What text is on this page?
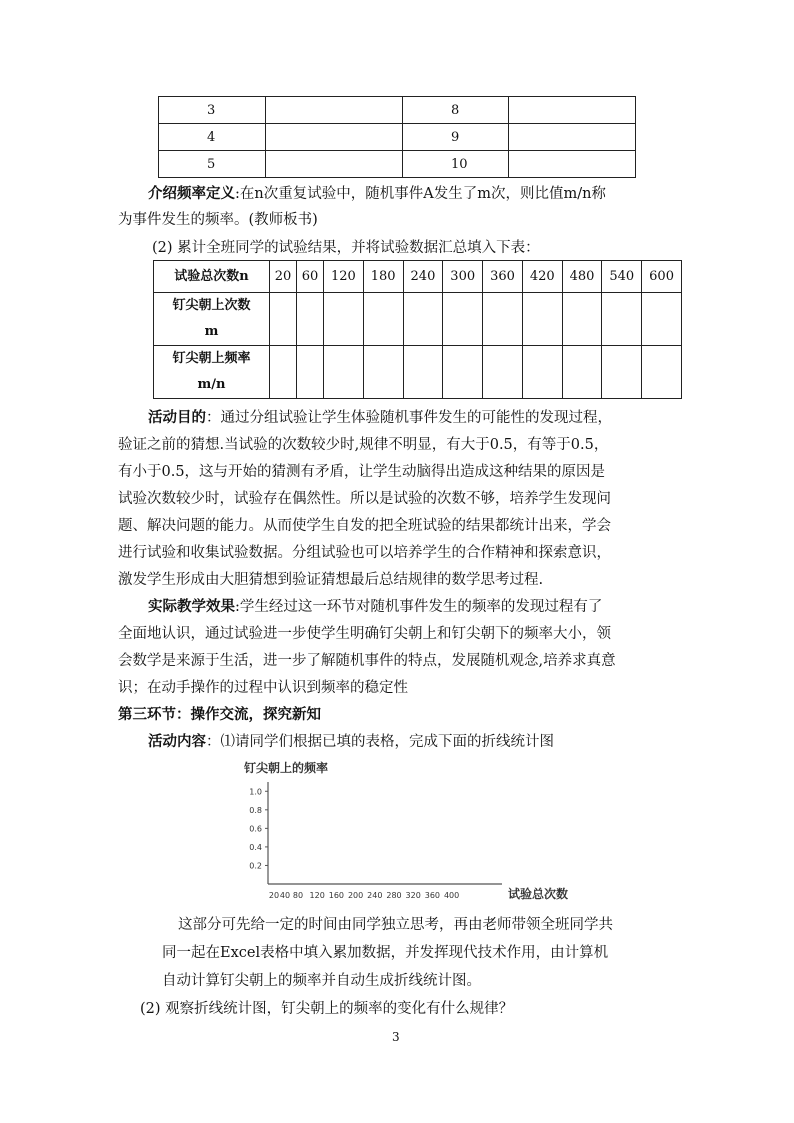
3		8	
4		9	
5		10	
介绍频率定义:在n次重复试验中，随机事件A发生了m次，则比值m/n称
为事件发生的频率。(教师板书)
(2) 累计全班同学的试验结果，并将试验数据汇总填入下表：
试验总次数n	20	60	120	180	240	300	360	420	480	540	600

钉尖朝上次数
m											

钉尖朝上频率
m/n											

活动目的：通过分组试验让学生体验随机事件发生的可能性的发现过程，
验证之前的猜想.当试验的次数较少时,规律不明显，有大于0.5，有等于0.5，
有小于0.5，这与开始的猜测有矛盾，让学生动脑得出造成这种结果的原因是
试验次数较少时，试验存在偶然性。所以是试验的次数不够，培养学生发现问
题、解决问题的能力。从而使学生自发的把全班试验的结果都统计出来，学会
进行试验和收集试验数据。分组试验也可以培养学生的合作精神和探索意识，
激发学生形成由大胆猜想到验证猜想最后总结规律的数学思考过程.
实际教学效果:学生经过这一环节对随机事件发生的频率的发现过程有了
全面地认识，通过试验进一步使学生明确钉尖朝上和钉尖朝下的频率大小，领
会数学是来源于生活，进一步了解随机事件的特点，发展随机观念,培养求真意
识；在动手操作的过程中认识到频率的稳定性
第三环节：操作交流，探究新知
活动内容：⑴请同学们根据已填的表格，完成下面的折线统计图
钉尖朝上的频率
试验总次数
0.2
0.4
0.6
0.8
1.0
20 40 80 120 160 200 240 280 320 360 400
这部分可先给一定的时间由同学独立思考，再由老师带领全班同学共
同一起在Excel表格中填入累加数据，并发挥现代技术作用，由计算机
自动计算钉尖朝上的频率并自动生成折线统计图。
(2) 观察折线统计图，钉尖朝上的频率的变化有什么规律？
3
